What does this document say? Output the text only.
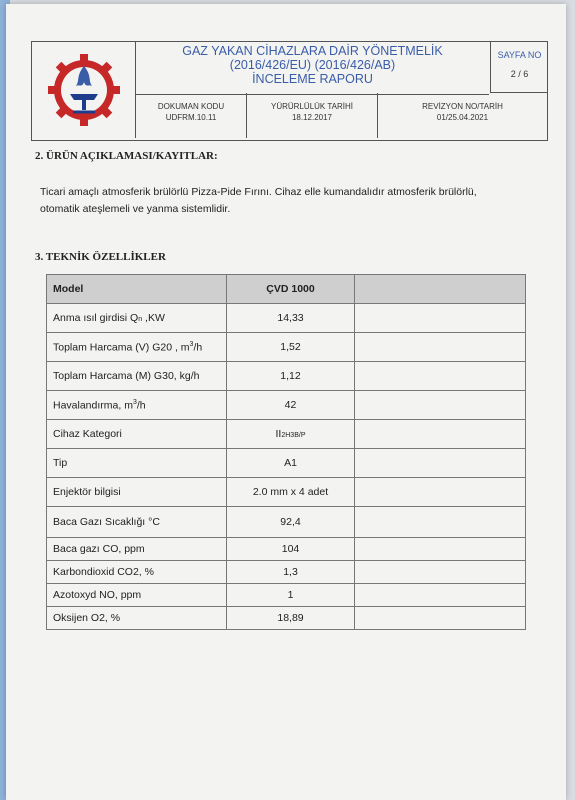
GAZ YAKAN CİHAZLARA DAİR YÖNETMELİK
(2016/426/EU) (2016/426/AB)
İNCELEME RAPORU
SAYFA NO
2 / 6
DOKUMAN KODU
UDFRM.10.11
YÜRÜRLÜLÜK TARİHİ
18.12.2017
REVİZYON NO/TARİH
01/25.04.2021
2. ÜRÜN AÇIKLAMASI/KAYITLAR:
Ticari amaçlı atmosferik brülörlü Pizza-Pide Fırını. Cihaz elle kumandalıdır atmosferik brülörlü, otomatik ateşlemeli ve yanma sistemlidir.
3. TEKNİK ÖZELLİKLER
Model	ÇVD 1000	
Anma ısıl girdisi Qn ,KW	14,33	
Toplam Harcama (V) G20 , $m^3/h$	1,52	
Toplam Harcama (M) G30, kg/h	1,12	
Havalandırma, $m^3/h$	42	
Cihaz Kategori	II2H3B/P	
Tip	A1	
Enjektör bilgisi	2.0 mm x 4 adet	
Baca Gazı Sıcaklığı °C	92,4	
Baca gazı CO, ppm	104	
Karbondioxid CO2, %	1,3	
Azotoxyd NO, ppm	1	
Oksijen O2, %	18,89	
